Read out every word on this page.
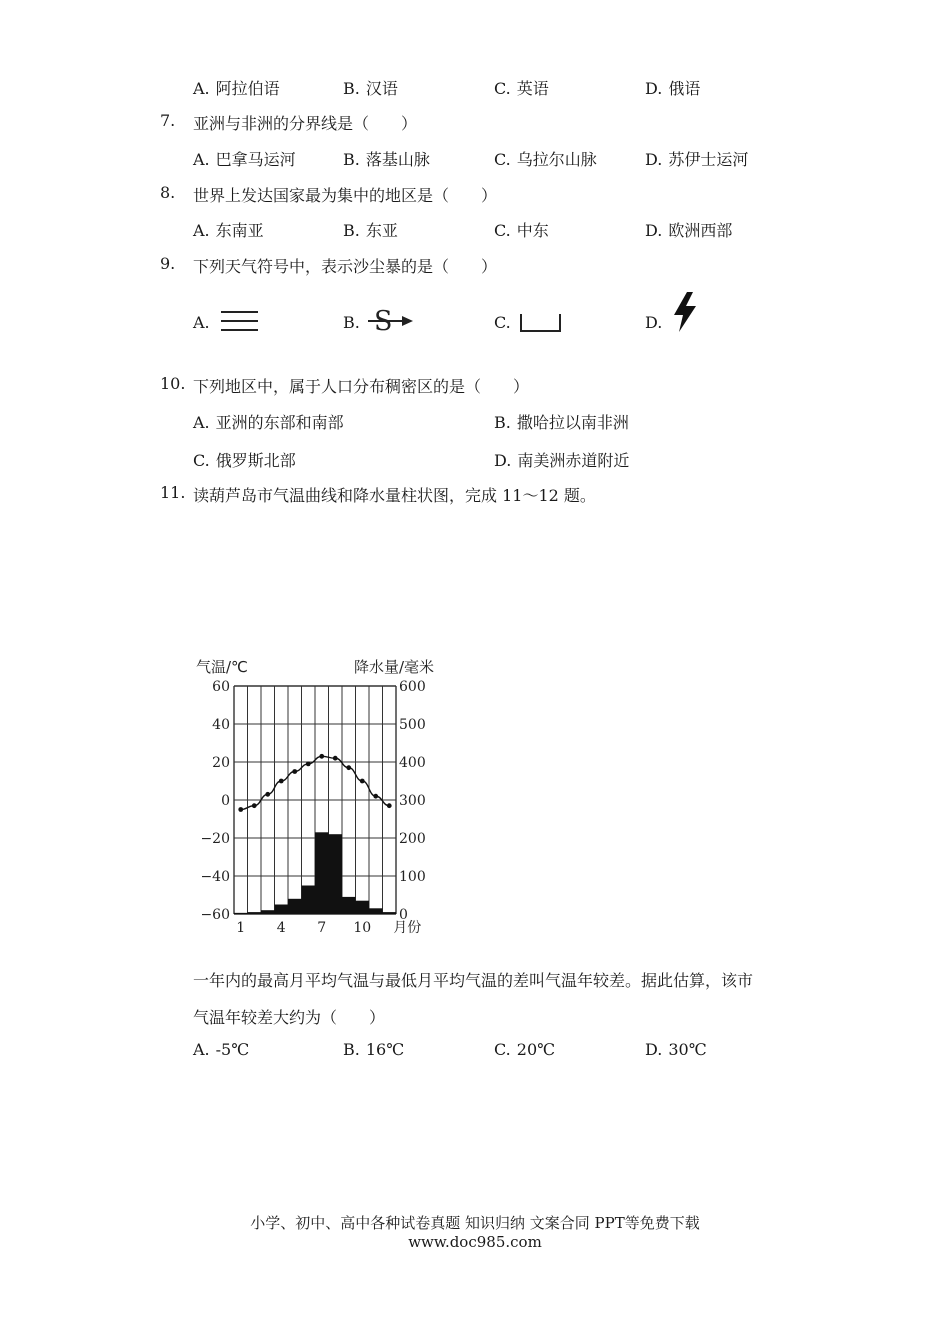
A. 阿拉伯语	B. 汉语	C. 英语	D. 俄语
7. 亚洲与非洲的分界线是（　　）
A. 巴拿马运河	B. 落基山脉	C. 乌拉尔山脉	D. 苏伊士运河
8. 世界上发达国家最为集中的地区是（　　）
A. 东南亚	B. 东亚	C. 中东	D. 欧洲西部
9. 下列天气符号中，表示沙尘暴的是（　　）
A.	B. S	C.	D.
10. 下列地区中，属于人口分布稠密区的是（　　）
A. 亚洲的东部和南部	B. 撒哈拉以南非洲
C. 俄罗斯北部	D. 南美洲赤道附近
11. 读葫芦岛市气温曲线和降水量柱状图，完成 11～12 题。
60
40
20
0
−20
−40
−60
600
500
400
300
200
100
0
气温/℃	降水量/毫米
1 4 7 10 月份
一年内的最高月平均气温与最低月平均气温的差叫气温年较差。据此估算，该市
气温年较差大约为（　　）
A. -5℃	B. 16℃	C. 20℃	D. 30℃
小学、初中、高中各种试卷真题 知识归纳 文案合同 PPT等免费下载
www.doc985.com
